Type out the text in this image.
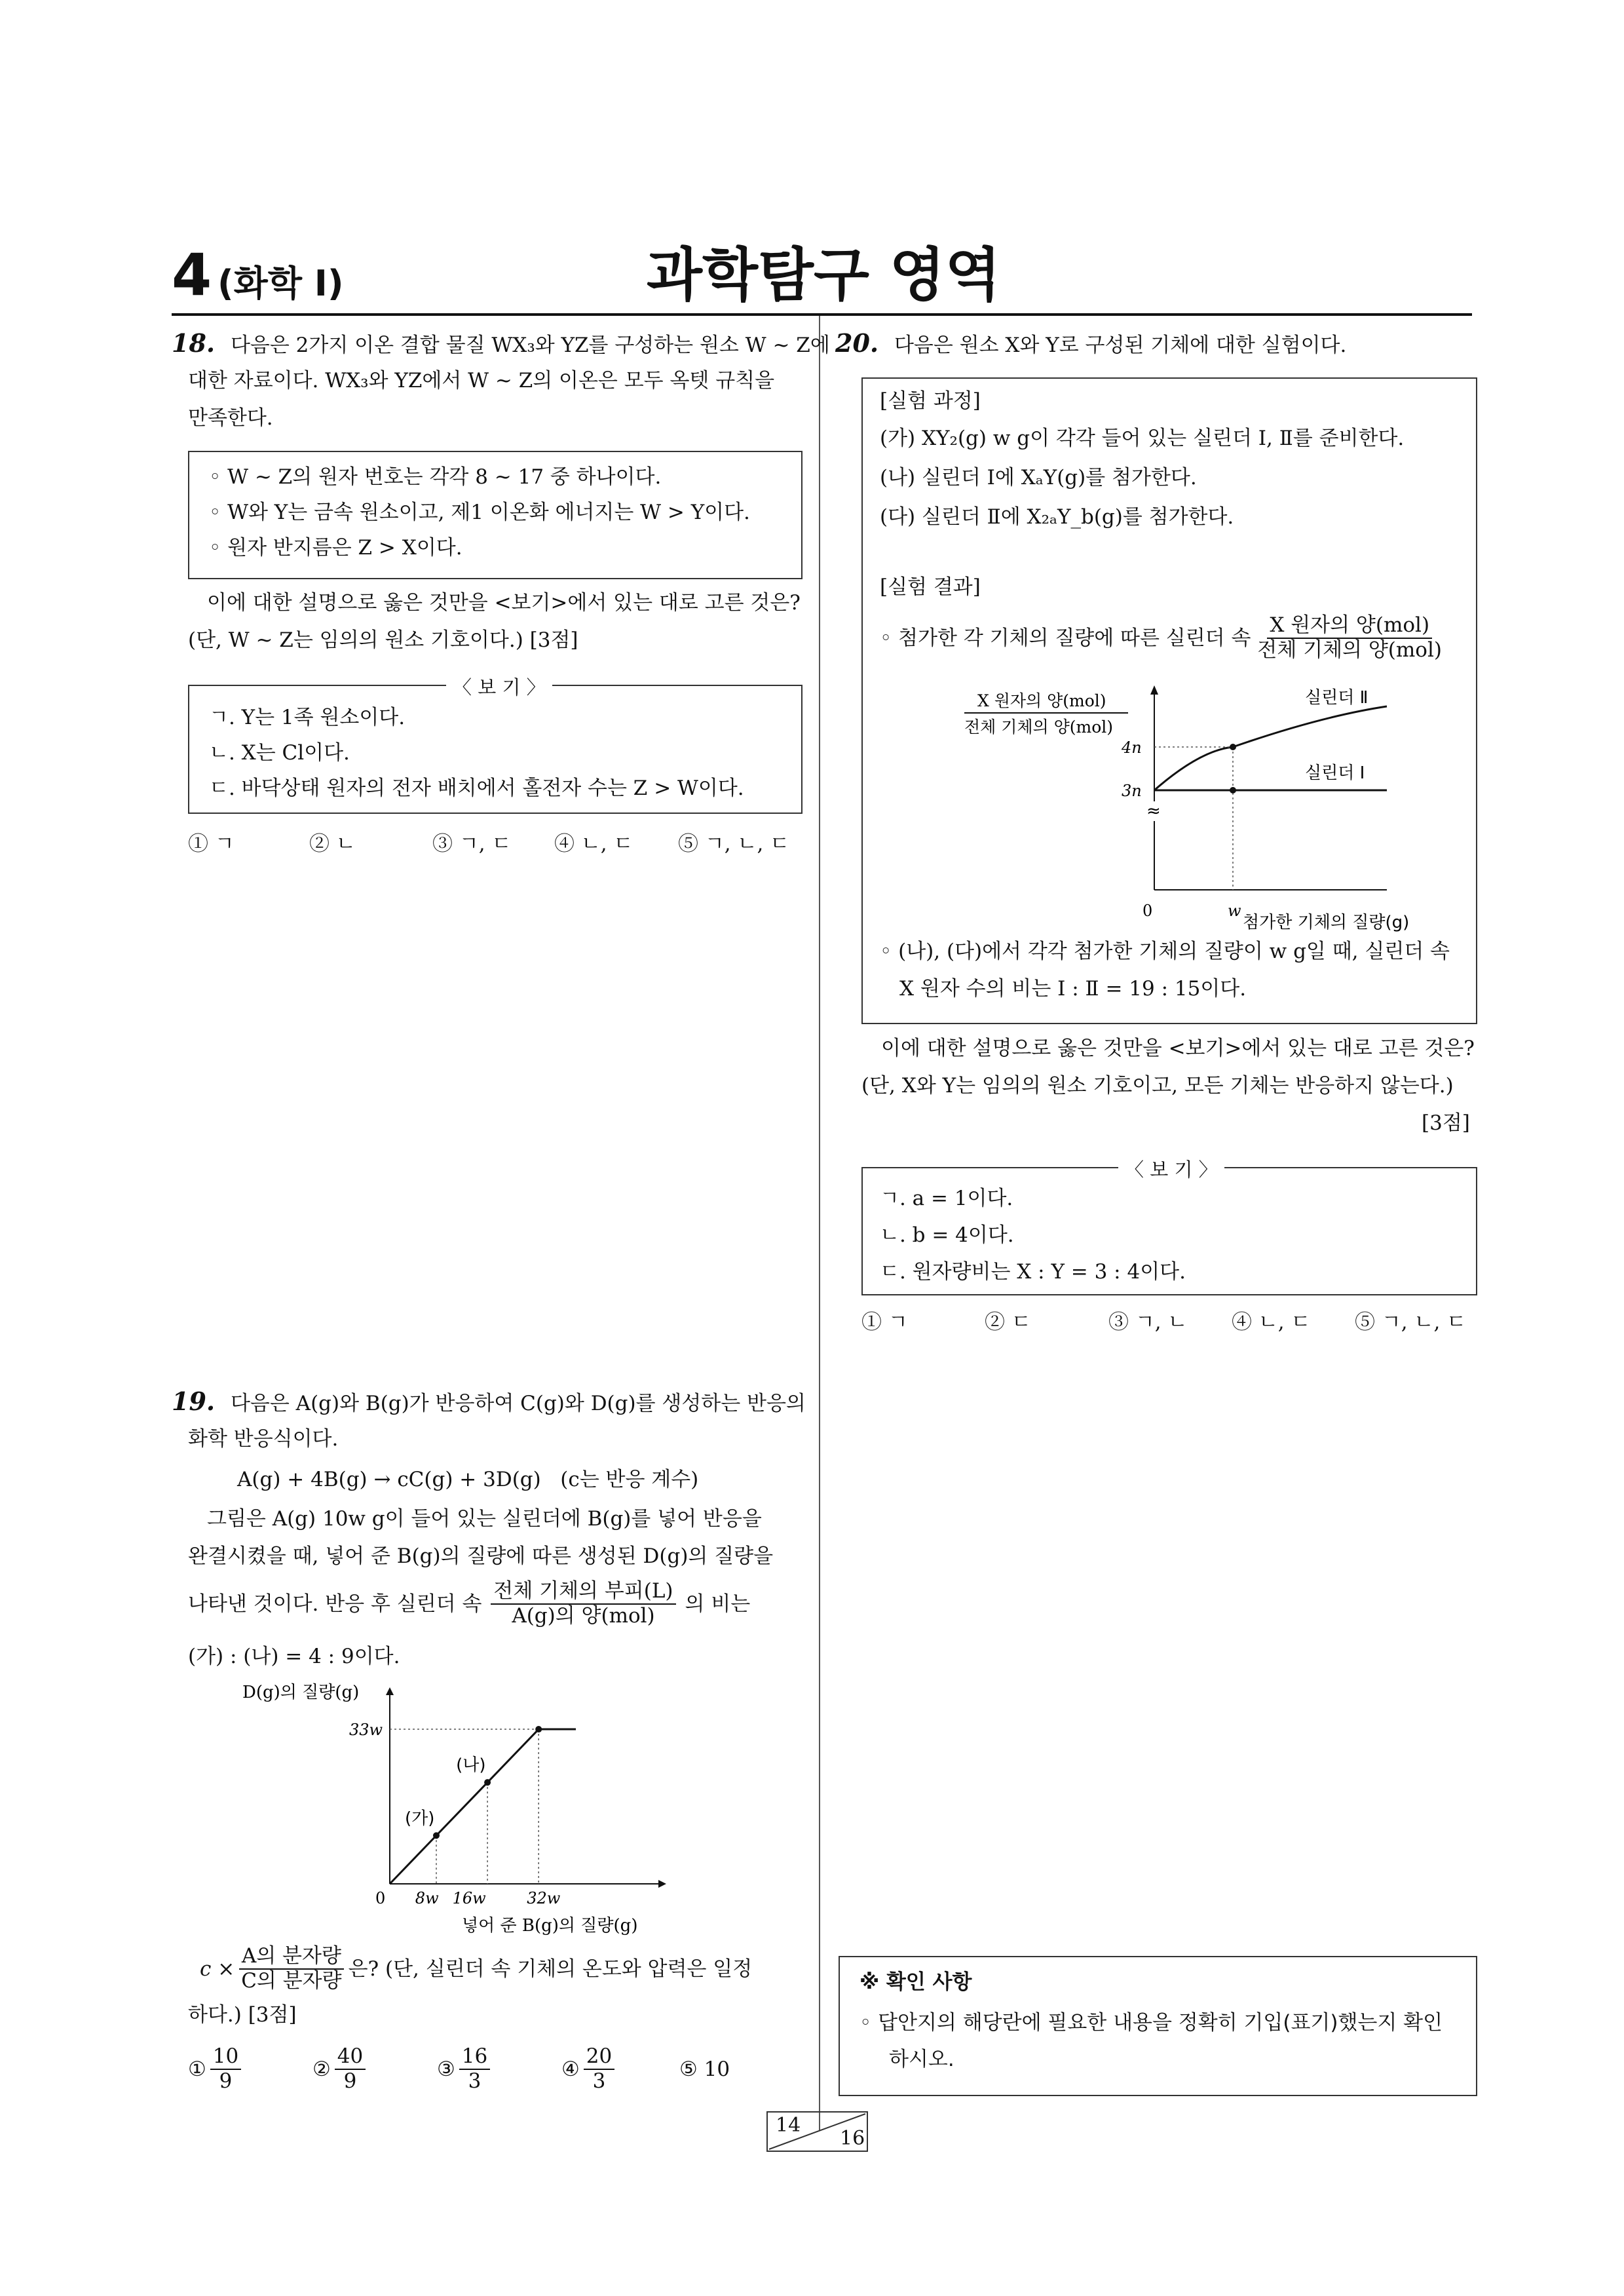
4 (화학 Ⅰ)	과학탐구 영역
18. 다음은 2가지 이온 결합 물질 WX₃와 YZ를 구성하는 원소 W ~ Z에
대한 자료이다. WX₃와 YZ에서 W ~ Z의 이온은 모두 옥텟 규칙을
만족한다.
◦ W ~ Z의 원자 번호는 각각 8 ~ 17 중 하나이다.
◦ W와 Y는 금속 원소이고, 제1 이온화 에너지는 W > Y이다.
◦ 원자 반지름은 Z > X이다.
이에 대한 설명으로 옳은 것만을 <보기>에서 있는 대로 고른 것은?
(단, W ~ Z는 임의의 원소 기호이다.) [3점]
〈 보 기 〉
ㄱ. Y는 1족 원소이다.
ㄴ. X는 Cl이다.
ㄷ. 바닥상태 원자의 전자 배치에서 홀전자 수는 Z > W이다.
① ㄱ	② ㄴ	③ ㄱ, ㄷ ④ ㄴ, ㄷ ⑤ ㄱ, ㄴ, ㄷ
19. 다음은 A(g)와 B(g)가 반응하여 C(g)와 D(g)를 생성하는 반응의
화학 반응식이다.
A(g) + 4B(g) → cC(g) + 3D(g)   (c는 반응 계수)
그림은 A(g) 10w g이 들어 있는 실린더에 B(g)를 넣어 반응을
완결시켰을 때, 넣어 준 B(g)의 질량에 따른 생성된 D(g)의 질량을
나타낸 것이다. 반응 후 실린더 속 $\frac{\text{전체 기체의 부피(L)}}{\text{A(g)의 양(mol)}}$ 의 비는
(가) : (나) = 4 : 9이다.
D(g)의 질량(g)
넣어 준 B(g)의 질량(g)
0 8w 16w	32w
33w
(가)
(나)
$c \times \frac{\text{A의 분자량}}{\text{C의 분자량}}$ 은? (단, 실린더 속 기체의 온도와 압력은 일정
하다.) [3점]
① $\frac{10}{9}$	② $\frac{40}{9}$	③ $\frac{16}{3}$	④ $\frac{20}{3}$	⑤ 10
20. 다음은 원소 X와 Y로 구성된 기체에 대한 실험이다.
[실험 과정]
(가) XY₂(g) w g이 각각 들어 있는 실린더 Ⅰ, Ⅱ를 준비한다.
(나) 실린더 Ⅰ에 XₐY(g)를 첨가한다.
(다) 실린더 Ⅱ에 X₂ₐY_b(g)를 첨가한다.
[실험 결과]
◦ 첨가한 각 기체의 질량에 따른 실린더 속 $\frac{\text{X 원자의 양(mol)}}{\text{전체 기체의 양(mol)}}$
≈
X 원자의 양(mol)
전체 기체의 양(mol)
0
4n
3n
w
실린더 Ⅱ
실린더 Ⅰ
첨가한 기체의 질량(g)
◦ (나), (다)에서 각각 첨가한 기체의 질량이 w g일 때, 실린더 속
X 원자 수의 비는 Ⅰ : Ⅱ = 19 : 15이다.
이에 대한 설명으로 옳은 것만을 <보기>에서 있는 대로 고른 것은?
(단, X와 Y는 임의의 원소 기호이고, 모든 기체는 반응하지 않는다.)
[3점]
〈 보 기 〉
ㄱ. a = 1이다.
ㄴ. b = 4이다.
ㄷ. 원자량비는 X : Y = 3 : 4이다.
① ㄱ	② ㄷ	③ ㄱ, ㄴ ④ ㄴ, ㄷ ⑤ ㄱ, ㄴ, ㄷ
※ 확인 사항
◦ 답안지의 해당란에 필요한 내용을 정확히 기입(표기)했는지 확인
하시오.
14
16
